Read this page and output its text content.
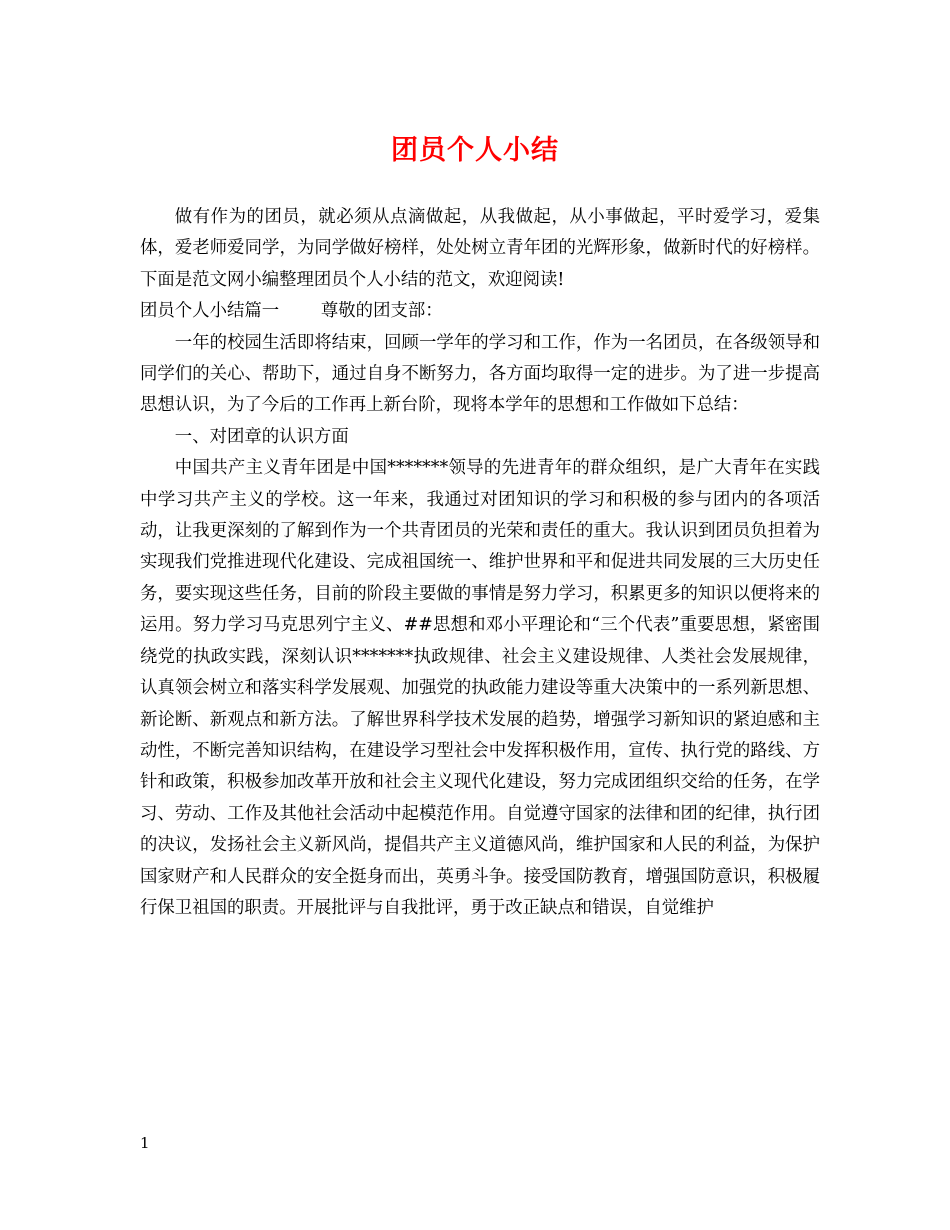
团员个人小结

做有作为的团员，就必须从点滴做起，从我做起，从小事做起，平时爱学习，爱集体，爱老师爱同学，为同学做好榜样，处处树立青年团的光辉形象，做新时代的好榜样。下面是范文网小编整理团员个人小结的范文，欢迎阅读!

团员个人小结篇一 尊敬的团支部：

一年的校园生活即将结束，回顾一学年的学习和工作，作为一名团员，在各级领导和同学们的关心、帮助下，通过自身不断努力，各方面均取得一定的进步。为了进一步提高思想认识，为了今后的工作再上新台阶，现将本学年的思想和工作做如下总结：

一、对团章的认识方面

中国共产主义青年团是中国*******领导的先进青年的群众组织，是广大青年在实践中学习共产主义的学校。这一年来，我通过对团知识的学习和积极的参与团内的各项活动，让我更深刻的了解到作为一个共青团员的光荣和责任的重大。我认识到团员负担着为实现我们党推进现代化建设、完成祖国统一、维护世界和平和促进共同发展的三大历史任务，要实现这些任务，目前的阶段主要做的事情是努力学习，积累更多的知识以便将来的运用。努力学习马克思列宁主义、##思想和邓小平理论和“三个代表”重要思想，紧密围绕党的执政实践，深刻认识*******执政规律、社会主义建设规律、人类社会发展规律，认真领会树立和落实科学发展观、加强党的执政能力建设等重大决策中的一系列新思想、新论断、新观点和新方法。了解世界科学技术发展的趋势，增强学习新知识的紧迫感和主动性，不断完善知识结构，在建设学习型社会中发挥积极作用，宣传、执行党的路线、方针和政策，积极参加改革开放和社会主义现代化建设，努力完成团组织交给的任务，在学习、劳动、工作及其他社会活动中起模范作用。自觉遵守国家的法律和团的纪律，执行团的决议，发扬社会主义新风尚，提倡共产主义道德风尚，维护国家和人民的利益，为保护国家财产和人民群众的安全挺身而出，英勇斗争。接受国防教育，增强国防意识，积极履行保卫祖国的职责。开展批评与自我批评，勇于改正缺点和错误，自觉维护

1
